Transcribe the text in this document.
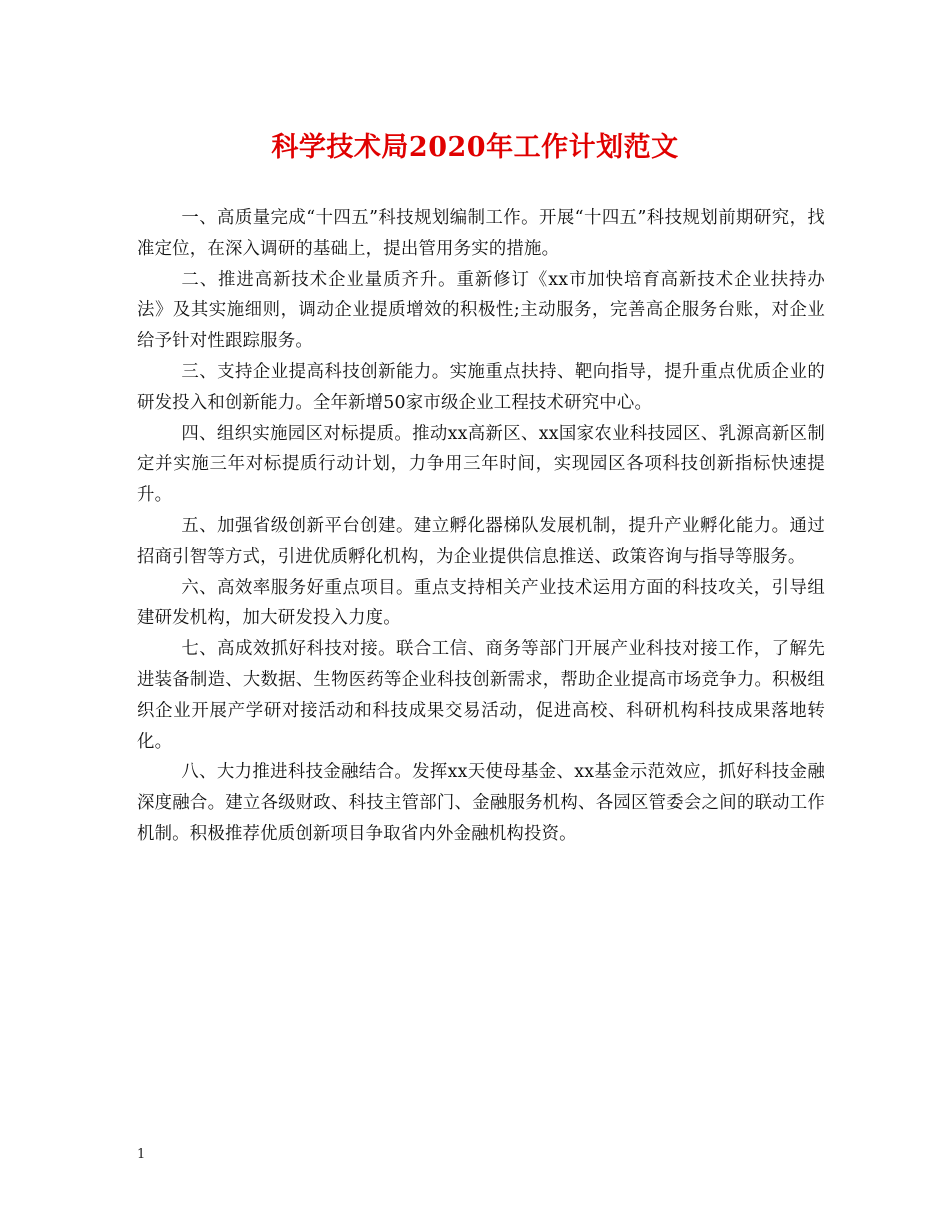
科学技术局2020年工作计划范文

一、高质量完成“十四五”科技规划编制工作。开展“十四五”科技规划前期研究，找准定位，在深入调研的基础上，提出管用务实的措施。

二、推进高新技术企业量质齐升。重新修订《xx市加快培育高新技术企业扶持办法》及其实施细则，调动企业提质增效的积极性;主动服务，完善高企服务台账，对企业给予针对性跟踪服务。

三、支持企业提高科技创新能力。实施重点扶持、靶向指导，提升重点优质企业的研发投入和创新能力。全年新增50家市级企业工程技术研究中心。

四、组织实施园区对标提质。推动xx高新区、xx国家农业科技园区、乳源高新区制定并实施三年对标提质行动计划，力争用三年时间，实现园区各项科技创新指标快速提升。

五、加强省级创新平台创建。建立孵化器梯队发展机制，提升产业孵化能力。通过招商引智等方式，引进优质孵化机构，为企业提供信息推送、政策咨询与指导等服务。

六、高效率服务好重点项目。重点支持相关产业技术运用方面的科技攻关，引导组建研发机构，加大研发投入力度。

七、高成效抓好科技对接。联合工信、商务等部门开展产业科技对接工作，了解先进装备制造、大数据、生物医药等企业科技创新需求，帮助企业提高市场竞争力。积极组织企业开展产学研对接活动和科技成果交易活动，促进高校、科研机构科技成果落地转化。

八、大力推进科技金融结合。发挥xx天使母基金、xx基金示范效应，抓好科技金融深度融合。建立各级财政、科技主管部门、金融服务机构、各园区管委会之间的联动工作机制。积极推荐优质创新项目争取省内外金融机构投资。

1
